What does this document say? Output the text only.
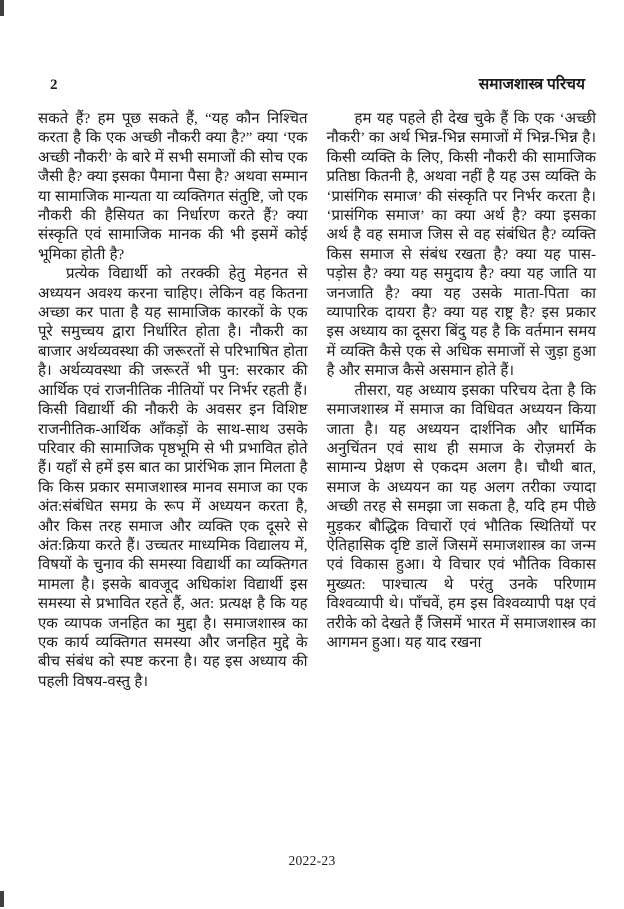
2	समाजशास्त्र परिचय

सकते हैं? हम पूछ सकते हैं, “यह कौन निश्चित करता है कि एक अच्छी नौकरी क्या है?” क्या ‘एक अच्छी नौकरी’ के बारे में सभी समाजों की सोच एक जैसी है? क्या इसका पैमाना पैसा है? अथवा सम्मान या सामाजिक मान्यता या व्यक्तिगत संतुष्टि, जो एक नौकरी की हैसियत का निर्धारण करते हैं? क्या संस्कृति एवं सामाजिक मानक की भी इसमें कोई भूमिका होती है?

प्रत्येक विद्यार्थी को तरक्की हेतु मेहनत से अध्ययन अवश्य करना चाहिए। लेकिन वह कितना अच्छा कर पाता है यह सामाजिक कारकों के एक पूरे समुच्चय द्वारा निर्धारित होता है। नौकरी का बाजार अर्थव्यवस्था की जरूरतों से परिभाषित होता है। अर्थव्यवस्था की जरूरतें भी पुन: सरकार की आर्थिक एवं राजनीतिक नीतियों पर निर्भर रहती हैं। किसी विद्यार्थी की नौकरी के अवसर इन विशिष्ट राजनीतिक-आर्थिक आँकड़ों के साथ-साथ उसके परिवार की सामाजिक पृष्ठभूमि से भी प्रभावित होते हैं। यहाँ से हमें इस बात का प्रारंभिक ज्ञान मिलता है कि किस प्रकार समाजशास्त्र मानव समाज का एक अंत:संबंधित समग्र के रूप में अध्ययन करता है, और किस तरह समाज और व्यक्ति एक दूसरे से अंत:क्रिया करते हैं। उच्चतर माध्यमिक विद्यालय में, विषयों के चुनाव की समस्या विद्यार्थी का व्यक्तिगत मामला है। इसके बावजूद अधिकांश विद्यार्थी इस समस्या से प्रभावित रहते हैं, अत: प्रत्यक्ष है कि यह एक व्यापक जनहित का मुद्दा है। समाजशास्त्र का एक कार्य व्यक्तिगत समस्या और जनहित मुद्दे के बीच संबंध को स्पष्ट करना है। यह इस अध्याय की पहली विषय-वस्तु है।

हम यह पहले ही देख चुके हैं कि एक ‘अच्छी नौकरी’ का अर्थ भिन्न-भिन्न समाजों में भिन्न-भिन्न है। किसी व्यक्ति के लिए, किसी नौकरी की सामाजिक प्रतिष्ठा कितनी है, अथवा नहीं है यह उस व्यक्ति के ‘प्रासंगिक समाज’ की संस्कृति पर निर्भर करता है। ‘प्रासंगिक समाज’ का क्या अर्थ है? क्या इसका अर्थ है वह समाज जिस से वह संबंधित है? व्यक्ति किस समाज से संबंध रखता है? क्या यह पास-पड़ोस है? क्या यह समुदाय है? क्या यह जाति या जनजाति है? क्या यह उसके माता-पिता का व्यापारिक दायरा है? क्या यह राष्ट्र है? इस प्रकार इस अध्याय का दूसरा बिंदु यह है कि वर्तमान समय में व्यक्ति कैसे एक से अधिक समाजों से जुड़ा हुआ है और समाज कैसे असमान होते हैं।

तीसरा, यह अध्याय इसका परिचय देता है कि समाजशास्त्र में समाज का विधिवत अध्ययन किया जाता है। यह अध्ययन दार्शनिक और धार्मिक अनुचिंतन एवं साथ ही समाज के रोज़मर्रा के सामान्य प्रेक्षण से एकदम अलग है। चौथी बात, समाज के अध्ययन का यह अलग तरीका ज्यादा अच्छी तरह से समझा जा सकता है, यदि हम पीछे मुड़कर बौद्धिक विचारों एवं भौतिक स्थितियों पर ऐतिहासिक दृष्टि डालें जिसमें समाजशास्त्र का जन्म एवं विकास हुआ। ये विचार एवं भौतिक विकास मुख्यत: पाश्चात्य थे परंतु उनके परिणाम विश्वव्यापी थे। पाँचवें, हम इस विश्वव्यापी पक्ष एवं तरीके को देखते हैं जिसमें भारत में समाजशास्त्र का आगमन हुआ। यह याद रखना

2022-23
